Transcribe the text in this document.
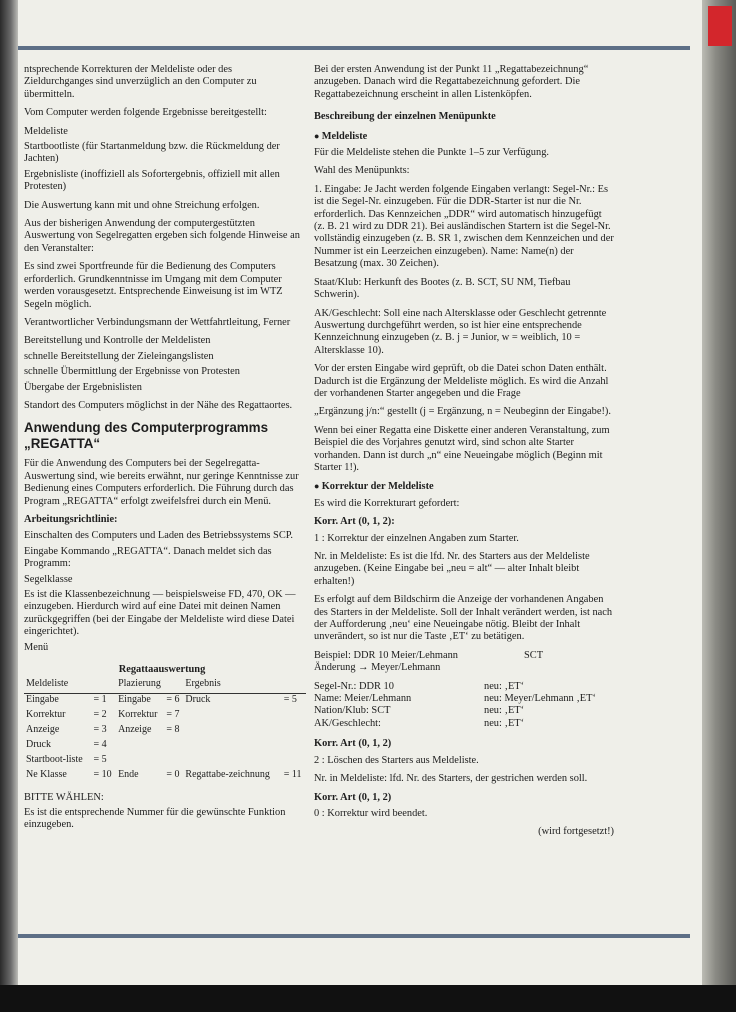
ntsprechende Korrekturen der Meldeliste oder des Zieldurchganges sind unverzüglich an den Computer zu übermitteln.

Vom Computer werden folgende Ergebnisse bereitgestellt:

Meldeliste
Startbootliste (für Startanmeldung bzw. die Rückmeldung der Jachten)
Ergebnisliste (inoffiziell als Sofortergebnis, offiziell mit allen Protesten)

Die Auswertung kann mit und ohne Streichung erfolgen.

Aus der bisherigen Anwendung der computergestützten Auswertung von Segelregatten ergeben sich folgende Hinweise an den Veranstalter:

Es sind zwei Sportfreunde für die Bedienung des Computers erforderlich. Grundkenntnisse im Umgang mit dem Computer werden vorausgesetzt. Entsprechende Einweisung ist im WTZ Segeln möglich.

Verantwortlicher Verbindungsmann der Wettfahrtleitung, Ferner

Bereitstellung und Kontrolle der Meldelisten
schnelle Bereitstellung der Zieleingangslisten
schnelle Übermittlung der Ergebnisse von Protesten
Übergabe der Ergebnislisten

Standort des Computers möglichst in der Nähe des Regattaortes.

Anwendung des Computerprogramms „REGATTA“

Für die Anwendung des Computers bei der Segelregatta-Auswertung sind, wie bereits erwähnt, nur geringe Kenntnisse zur Bedienung eines Computers erforderlich. Die Führung durch das Program „REGATTA“ erfolgt zweifelsfrei durch ein Menü.

Arbeitungsrichtlinie:
Einschalten des Computers und Laden des Betriebssystems SCP.
Eingabe Kommando „REGATTA“. Danach meldet sich das Programm:
Segelklasse
Es ist die Klassenbezeichnung — beispielsweise FD, 470, OK — einzugeben. Hierdurch wird auf eine Datei mit deinen Namen zurückgegriffen (bei der Eingabe der Meldeliste wird diese Datei eingerichtet).
Menü
Regattaauswertung
Meldeliste		Plazierung		Ergebnis	
Eingabe	= 1	Eingabe	= 6	Druck	= 5
Korrektur	= 2	Korrektur	= 7		
Anzeige	= 3	Anzeige	= 8		
Druck	= 4				
Startboot-liste	= 5				
Ne Klasse	= 10	Ende	= 0	Regattabe-zeichnung	= 11

BITTE WÄHLEN:

Es ist die entsprechende Nummer für die gewünschte Funktion einzugeben.

Bei der ersten Anwendung ist der Punkt 11 „Regattabezeichnung“ anzugeben. Danach wird die Regattabezeichnung gefordert. Die Regattabezeichnung erscheint in allen Listenköpfen.

Beschreibung der einzelnen Menüpunkte
● Meldeliste

Für die Meldeliste stehen die Punkte 1–5 zur Verfügung.

Wahl des Menüpunkts:

1. Eingabe: Je Jacht werden folgende Eingaben verlangt: Segel-Nr.: Es ist die Segel-Nr. einzugeben. Für die DDR-Starter ist nur die Nr. erforderlich. Das Kennzeichen „DDR“ wird automatisch hinzugefügt (z. B. 21 wird zu DDR 21). Bei ausländischen Startern ist die Segel-Nr. vollständig einzugeben (z. B. SR 1, zwischen dem Kennzeichen und der Nummer ist ein Leerzeichen einzugeben). Name: Name(n) der Besatzung (max. 30 Zeichen).

Staat/Klub: Herkunft des Bootes (z. B. SCT, SU NM, Tiefbau Schwerin).

AK/Geschlecht: Soll eine nach Altersklasse oder Geschlecht getrennte Auswertung durchgeführt werden, so ist hier eine entsprechende Kennzeichnung einzugeben (z. B. j = Junior, w = weiblich, 10 = Altersklasse 10).

Vor der ersten Eingabe wird geprüft, ob die Datei schon Daten enthält. Dadurch ist die Ergänzung der Meldeliste möglich. Es wird die Anzahl der vorhandenen Starter angegeben und die Frage

„Ergänzung j/n:“ gestellt (j = Ergänzung, n = Neubeginn der Eingabe!).

Wenn bei einer Regatta eine Diskette einer anderen Veranstaltung, zum Beispiel die des Vorjahres genutzt wird, sind schon alte Starter vorhanden. Dann ist durch „n“ eine Neueingabe möglich (Beginn mit Starter 1!).

● Korrektur der Meldeliste

Es wird die Korrekturart gefordert:

Korr. Art (0, 1, 2):

1 : Korrektur der einzelnen Angaben zum Starter.

Nr. in Meldeliste: Es ist die lfd. Nr. des Starters aus der Meldeliste anzugeben. (Keine Eingabe bei „neu = alt“ — alter Inhalt bleibt erhalten!)

Es erfolgt auf dem Bildschirm die Anzeige der vorhandenen Angaben des Starters in der Meldeliste. Soll der Inhalt verändert werden, ist nach der Aufforderung ‚neu‘ eine Neueingabe nötig. Bleibt der Inhalt unverändert, so ist nur die Taste ‚ET‘ zu betätigen.

Beispiel: DDR 10 Meier/Lehmann	SCT

Änderung → Meyer/Lehmann

Segel-Nr.: DDR 10	neu: ‚ET‘
Name: Meier/Lehmann	neu: Meyer/Lehmann ‚ET‘
Nation/Klub: SCT	neu: ‚ET‘
AK/Geschlecht:	neu: ‚ET‘
Korr. Art (0, 1, 2)

2 : Löschen des Starters aus Meldeliste.

Nr. in Meldeliste: lfd. Nr. des Starters, der gestrichen werden soll.

Korr. Art (0, 1, 2)

0 : Korrektur wird beendet.

(wird fortgesetzt!)
